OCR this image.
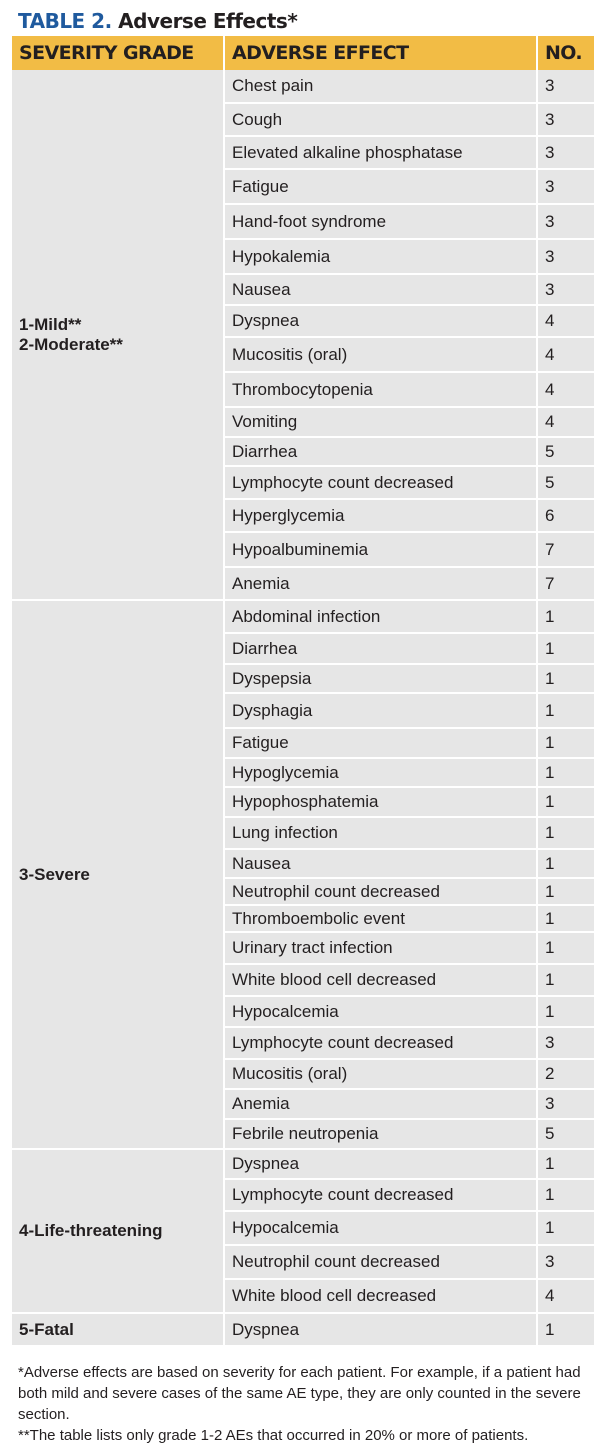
TABLE 2. Adverse Effects*
SEVERITY GRADE	ADVERSE EFFECT	NO.

1-Mild**
2-Moderate**	Chest pain	3
	Cough	3
	Elevated alkaline phosphatase	3
	Fatigue	3
	Hand-foot syndrome	3
	Hypokalemia	3
	Nausea	3
	Dyspnea	4
	Mucositis (oral)	4
	Thrombocytopenia	4
	Vomiting	4
	Diarrhea	5
	Lymphocyte count decreased	5
	Hyperglycemia	6
	Hypoalbuminemia	7
	Anemia	7

3-Severe	Abdominal infection	1
	Diarrhea	1
	Dyspepsia	1
	Dysphagia	1
	Fatigue	1
	Hypoglycemia	1
	Hypophosphatemia	1
	Lung infection	1
	Nausea	1
	Neutrophil count decreased	1
	Thromboembolic event	1
	Urinary tract infection	1
	White blood cell decreased	1
	Hypocalcemia	1
	Lymphocyte count decreased	3
	Mucositis (oral)	2
	Anemia	3
	Febrile neutropenia	5

4-Life-threatening	Dyspnea	1
	Lymphocyte count decreased	1
	Hypocalcemia	1
	Neutrophil count decreased	3
	White blood cell decreased	4

5-Fatal	Dyspnea	1

*Adverse effects are based on severity for each patient. For example, if a patient had both mild and severe cases of the same AE type, they are only counted in the severe section.

**The table lists only grade 1-2 AEs that occurred in 20% or more of patients.
